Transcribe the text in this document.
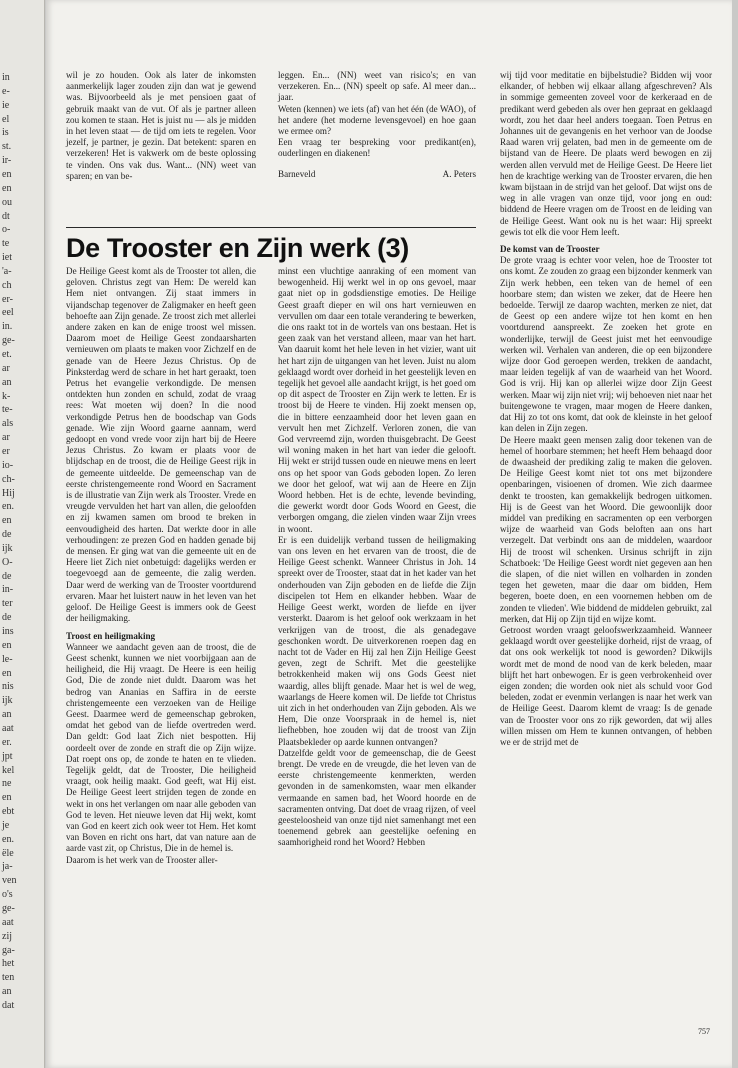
in
e-
ie
el
is
st.
ir-
en
en
ou
dt
o-
te
iet
'a-
ch
er-
eel
in.
ge-
et.
ar
an
k-
te-
als
ar
er
io-
ch-
Hij
en.
en
de
ijk
O-
de
in-
ter
de
ins
en
le-
en
nis
ijk
an
aat
er.
jpt
kel
ne
en
ebt
je
en.
ële
ja-
ven
o's
ge-
aat
zij
ga-
het
ten
an
dat

wil je zo houden. Ook als later de inkomsten aanmerkelijk lager zouden zijn dan wat je gewend was. Bijvoorbeeld als je met pensioen gaat of gebruik maakt van de vut. Of als je partner alleen zou komen te staan. Het is juist nu — als je midden in het leven staat — de tijd om iets te regelen. Voor jezelf, je partner, je gezin. Dat betekent: sparen en verzekeren! Het is vakwerk om de beste oplossing te vinden. Ons vak dus. Want... (NN) weet van sparen; en van be-

leggen. En... (NN) weet van risico's; en van verzekeren. En... (NN) speelt op safe. Al meer dan... jaar.

Weten (kennen) we iets (af) van het één (de WAO), of het andere (het moderne levensgevoel) en hoe gaan we ermee om?

Een vraag ter bespreking voor predikant(en), ouderlingen en diakenen!

Barneveld	A. Peters
De Trooster en Zijn werk (3)

De Heilige Geest komt als de Trooster tot allen, die geloven. Christus zegt van Hem: De wereld kan Hem niet ontvangen. Zij staat immers in vijandschap tegenover de Zaligmaker en heeft geen behoefte aan Zijn genade. Ze troost zich met allerlei andere zaken en kan de enige troost wel missen. Daarom moet de Heilige Geest zondaarsharten vernieuwen om plaats te maken voor Zichzelf en de genade van de Heere Jezus Christus. Op de Pinksterdag werd de schare in het hart geraakt, toen Petrus het evangelie verkondigde. De mensen ontdekten hun zonden en schuld, zodat de vraag rees: Wat moeten wij doen? In die nood verkondigde Petrus hen de boodschap van Gods genade. Wie zijn Woord gaarne aannam, werd gedoopt en vond vrede voor zijn hart bij de Heere Jezus Christus. Zo kwam er plaats voor de blijdschap en de troost, die de Heilige Geest rijk in de gemeente uitdeelde. De gemeenschap van de eerste christengemeente rond Woord en Sacrament is de illustratie van Zijn werk als Trooster. Vrede en vreugde vervulden het hart van allen, die geloofden en zij kwamen samen om brood te breken in eenvoudigheid des harten. Dat werkte door in alle verhoudingen: ze prezen God en hadden genade bij de mensen. Er ging wat van die gemeente uit en de Heere liet Zich niet onbetuigd: dagelijks werden er toegevoegd aan de gemeente, die zalig werden. Daar werd de werking van de Trooster voortdurend ervaren. Maar het luistert nauw in het leven van het geloof. De Heilige Geest is immers ook de Geest der heiligmaking.

Troost en heiligmaking

Wanneer we aandacht geven aan de troost, die de Geest schenkt, kunnen we niet voorbijgaan aan de heiligheid, die Hij vraagt. De Heere is een heilig God, Die de zonde niet duldt. Daarom was het bedrog van Ananias en Saffira in de eerste christengemeente een verzoeken van de Heilige Geest. Daarmee werd de gemeenschap gebroken, omdat het gebod van de liefde overtreden werd. Dan geldt: God laat Zich niet bespotten. Hij oordeelt over de zonde en straft die op Zijn wijze. Dat roept ons op, de zonde te haten en te vlieden. Tegelijk geldt, dat de Trooster, Die heiligheid vraagt, ook heilig maakt. God geeft, wat Hij eist. De Heilige Geest leert strijden tegen de zonde en wekt in ons het verlangen om naar alle geboden van God te leven. Het nieuwe leven dat Hij wekt, komt van God en keert zich ook weer tot Hem. Het komt van Boven en richt ons hart, dat van nature aan de aarde vast zit, op Christus, Die in de hemel is.

Daarom is het werk van de Trooster aller-

minst een vluchtige aanraking of een moment van bewogenheid. Hij werkt wel in op ons gevoel, maar gaat niet op in godsdienstige emoties. De Heilige Geest graaft dieper en wil ons hart vernieuwen en vervullen om daar een totale verandering te bewerken, die ons raakt tot in de wortels van ons bestaan. Het is geen zaak van het verstand alleen, maar van het hart. Van daaruit komt het hele leven in het vizier, want uit het hart zijn de uitgangen van het leven. Juist nu alom geklaagd wordt over dorheid in het geestelijk leven en tegelijk het gevoel alle aandacht krijgt, is het goed om op dit aspect de Trooster en Zijn werk te letten. Er is troost bij de Heere te vinden. Hij zoekt mensen op, die in bittere eenzaamheid door het leven gaan en vervult hen met Zichzelf. Verloren zonen, die van God vervreemd zijn, worden thuisgebracht. De Geest wil woning maken in het hart van ieder die gelooft. Hij wekt er strijd tussen oude en nieuwe mens en leert ons op het spoor van Gods geboden lopen. Zo leren we door het geloof, wat wij aan de Heere en Zijn Woord hebben. Het is de echte, levende bevinding, die gewerkt wordt door Gods Woord en Geest, die verborgen omgang, die zielen vinden waar Zijn vrees in woont.

Er is een duidelijk verband tussen de heiligmaking van ons leven en het ervaren van de troost, die de Heilige Geest schenkt. Wanneer Christus in Joh. 14 spreekt over de Trooster, staat dat in het kader van het onderhouden van Zijn geboden en de liefde die Zijn discipelen tot Hem en elkander hebben. Waar de Heilige Geest werkt, worden de liefde en ijver versterkt. Daarom is het geloof ook werkzaam in het verkrijgen van de troost, die als genadegave geschonken wordt. De uitverkorenen roepen dag en nacht tot de Vader en Hij zal hen Zijn Heilige Geest geven, zegt de Schrift. Met die geestelijke betrokkenheid maken wij ons Gods Geest niet waardig, alles blijft genade. Maar het is wel de weg, waarlangs de Heere komen wil. De liefde tot Christus uit zich in het onderhouden van Zijn geboden. Als we Hem, Die onze Voorspraak in de hemel is, niet liefhebben, hoe zouden wij dat de troost van Zijn Plaatsbekleder op aarde kunnen ontvangen?

Datzelfde geldt voor de gemeenschap, die de Geest brengt. De vrede en de vreugde, die het leven van de eerste christengemeente kenmerkten, werden gevonden in de samenkomsten, waar men elkander vermaande en samen bad, het Woord hoorde en de sacramenten ontving. Dat doet de vraag rijzen, of veel geesteloosheid van onze tijd niet samenhangt met een toenemend gebrek aan geestelijke oefening en saamhorigheid rond het Woord? Hebben

wij tijd voor meditatie en bijbelstudie? Bidden wij voor elkander, of hebben wij elkaar allang afgeschreven? Als in sommige gemeenten zoveel voor de kerkeraad en de predikant werd gebeden als over hen gepraat en geklaagd wordt, zou het daar heel anders toegaan. Toen Petrus en Johannes uit de gevangenis en het verhoor van de Joodse Raad waren vrij gelaten, bad men in de gemeente om de bijstand van de Heere. De plaats werd bewogen en zij werden allen vervuld met de Heilige Geest. De Heere liet hen de krachtige werking van de Trooster ervaren, die hen kwam bijstaan in de strijd van het geloof. Dat wijst ons de weg in alle vragen van onze tijd, voor jong en oud: biddend de Heere vragen om de Troost en de leiding van de Heilige Geest. Want ook nu is het waar: Hij spreekt gewis tot elk die voor Hem leeft.

De komst van de Trooster

De grote vraag is echter voor velen, hoe de Trooster tot ons komt. Ze zouden zo graag een bijzonder kenmerk van Zijn werk hebben, een teken van de hemel of een hoorbare stem; dan wisten we zeker, dat de Heere hen bedoelde. Terwijl ze daarop wachten, merken ze niet, dat de Geest op een andere wijze tot hen komt en hen voortdurend aanspreekt. Ze zoeken het grote en wonderlijke, terwijl de Geest juist met het eenvoudige werken wil. Verhalen van anderen, die op een bijzondere wijze door God geroepen werden, trekken de aandacht, maar leiden tegelijk af van de waarheid van het Woord. God is vrij. Hij kan op allerlei wijze door Zijn Geest werken. Maar wij zijn niet vrij; wij behoeven niet naar het buitengewone te vragen, maar mogen de Heere danken, dat Hij zo tot ons komt, dat ook de kleinste in het geloof kan delen in Zijn zegen.

De Heere maakt geen mensen zalig door tekenen van de hemel of hoorbare stemmen; het heeft Hem behaagd door de dwaasheid der prediking zalig te maken die geloven. De Heilige Geest komt niet tot ons met bijzondere openbaringen, visioenen of dromen. Wie zich daarmee denkt te troosten, kan gemakkelijk bedrogen uitkomen. Hij is de Geest van het Woord. Die gewoonlijk door middel van prediking en sacramenten op een verborgen wijze de waarheid van Gods beloften aan ons hart verzegelt. Dat verbindt ons aan de middelen, waardoor Hij de troost wil schenken. Ursinus schrijft in zijn Schatboek: 'De Heilige Geest wordt niet gegeven aan hen die slapen, of die niet willen en volharden in zonden tegen het geweten, maar die daar om bidden, Hem begeren, boete doen, en een voornemen hebben om de zonden te vlieden'. Wie biddend de middelen gebruikt, zal merken, dat Hij op Zijn tijd en wijze komt.

Getroost worden vraagt geloofswerkzaamheid. Wanneer geklaagd wordt over geestelijke dorheid, rijst de vraag, of dat ons ook werkelijk tot nood is geworden? Dikwijls wordt met de mond de nood van de kerk beleden, maar blijft het hart onbewogen. Er is geen verbrokenheid over eigen zonden; die worden ook niet als schuld voor God beleden, zodat er evenmin verlangen is naar het werk van de Heilige Geest. Daarom klemt de vraag: Is de genade van de Trooster voor ons zo rijk geworden, dat wij alles willen missen om Hem te kunnen ontvangen, of hebben we er de strijd met de

757
